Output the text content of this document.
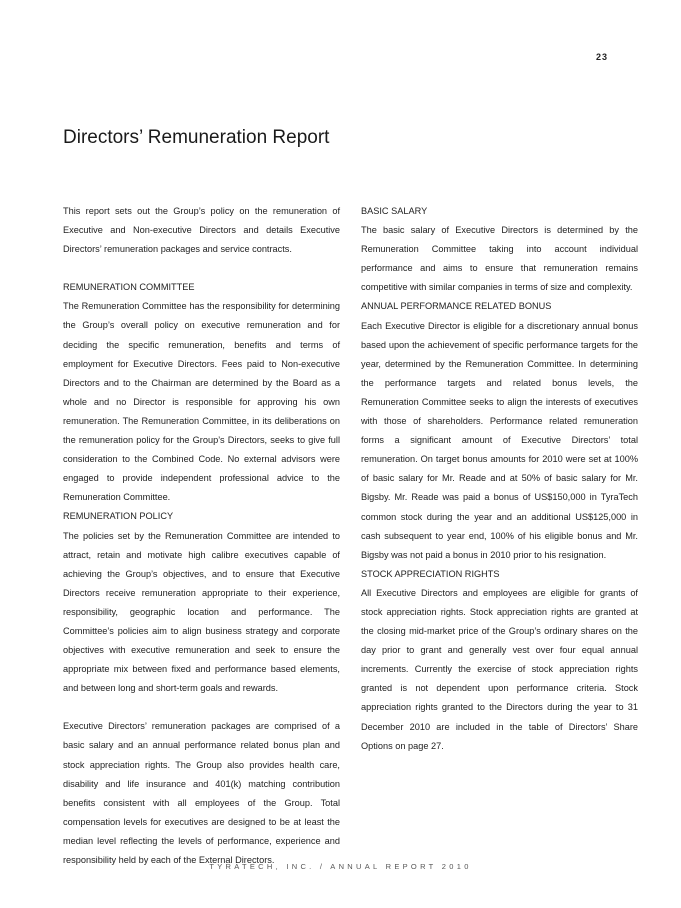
23
Directors’ Remuneration Report

This report sets out the Group’s policy on the remuneration of Executive and Non-executive Directors and details Executive Directors’ remuneration packages and service contracts.

REMUNERATION COMMITTEE

The Remuneration Committee has the responsibility for determining the Group’s overall policy on executive remuneration and for deciding the specific remuneration, benefits and terms of employment for Executive Directors. Fees paid to Non-executive Directors and to the Chairman are determined by the Board as a whole and no Director is responsible for approving his own remuneration. The Remuneration Committee, in its deliberations on the remuneration policy for the Group’s Directors, seeks to give full consideration to the Combined Code. No external advisors were engaged to provide independent professional advice to the Remuneration Committee.

REMUNERATION POLICY

The policies set by the Remuneration Committee are intended to attract, retain and motivate high calibre executives capable of achieving the Group’s objectives, and to ensure that Executive Directors receive remuneration appropriate to their experience, responsibility, geographic location and performance. The Committee’s policies aim to align business strategy and corporate objectives with executive remuneration and seek to ensure the appropriate mix between fixed and performance based elements, and between long and short-term goals and rewards.

Executive Directors’ remuneration packages are comprised of a basic salary and an annual performance related bonus plan and stock appreciation rights. The Group also provides health care, disability and life insurance and 401(k) matching contribution benefits consistent with all employees of the Group. Total compensation levels for executives are designed to be at least the median level reflecting the levels of performance, experience and responsibility held by each of the External Directors.

BASIC SALARY

The basic salary of Executive Directors is determined by the Remuneration Committee taking into account individual performance and aims to ensure that remuneration remains competitive with similar companies in terms of size and complexity.

ANNUAL PERFORMANCE RELATED BONUS

Each Executive Director is eligible for a discretionary annual bonus based upon the achievement of specific performance targets for the year, determined by the Remuneration Committee. In determining the performance targets and related bonus levels, the Remuneration Committee seeks to align the interests of executives with those of shareholders. Performance related remuneration forms a significant amount of Executive Directors’ total remuneration. On target bonus amounts for 2010 were set at 100% of basic salary for Mr. Reade and at 50% of basic salary for Mr. Bigsby. Mr. Reade was paid a bonus of US$150,000 in TyraTech common stock during the year and an additional US$125,000 in cash subsequent to year end, 100% of his eligible bonus and Mr. Bigsby was not paid a bonus in 2010 prior to his resignation.

STOCK APPRECIATION RIGHTS

All Executive Directors and employees are eligible for grants of stock appreciation rights. Stock appreciation rights are granted at the closing mid-market price of the Group’s ordinary shares on the day prior to grant and generally vest over four equal annual increments. Currently the exercise of stock appreciation rights granted is not dependent upon performance criteria. Stock appreciation rights granted to the Directors during the year to 31 December 2010 are included in the table of Directors’ Share Options on page 27.

TYRATECH, INC. / ANNUAL REPORT 2010
